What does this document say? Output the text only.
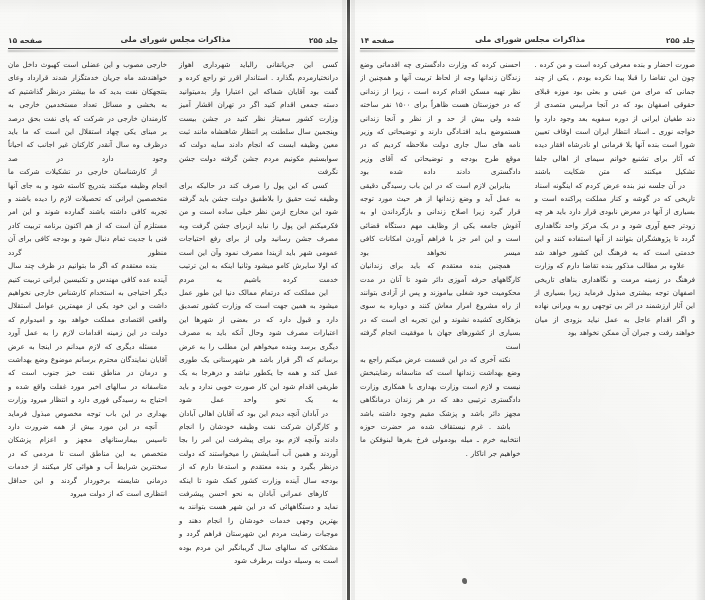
جلد ۲۵۵
مذاکرات مجلس شورای ملی
صفحه ۱۵

کسی این جریانقانی رالباید شهرداری اهواز درانختیارمردم بگذارد . استاندار اقرر تو راجع کرده و گفت بود آقایان شماکه این اعتبارا واز بدمیتوانید دسته جمعی اقدام کنید اگر در تهران اقشار آمیز وزارت کشور سعیتاز نظر کنید در جشن بیست وپنجمین سال سلطنت پر انتظار شاهنشاه مانند ثبت معین وظیفه ابست که انجام دادند سایه دولت که سوابستیم مکونیم مردم جشن گرفته دولت جشن نگرفت

کسی که این پول را صرف کند در حالیکه برای وظیفه ثبت حقیق را بلاطفیق دولت جشن باید گرفته شود این مخارج ازمن نظر خیلی ساده است و من فکرمیکنم این پول را نباید ازبرای جشن گرفت وبه مصرف جشن رسانید ولی از برای رفع احتیاجات عمومی شهر باید ازیندا مصرف نمود وآن این است که اولا سایرش کامو میشود وثانیا اینکه به این ترتیب خدمت کرده باشیم به مردم

این مملکت که درتمام ممالک دنیا این طور عمل میشود به همین جهت است که وزارت کشور تصدیق دارد و قبول دارد که در بعضی از شهرها این اعتبارات مصرف شود وحال آنکه باید به مصرف دیگری برسد وبنده میخواهم این مطلب را به عرض برسانم که اگر قرار باشد هر شهرستانی یک طوری عمل کند و همه جا یکطور نباشد و درهرجا به یک طریقی اقدام شود این کار صورت خوبی ندارد و باید به یک نحو واحد عمل شود

در آبادان آنچه دیدم این بود که آقایان اهالی آبادان و کارگران شرکت نفت وظیفه خودشان را انجام دادند وآنچه لازم بود برای پیشرفت این امر را بجا آوردند و همین آب آسایشش را میخواستند که دولت درنظر بگیرد و بنده معتقدم و استدعا دارم که از بودجه سال آینده وزارت کشور کمک شود تا اینکه

کارهای عمرانی آبادان به نحو احسن پیشرفت نماید و دستگاههائی که در این شهر هست بتوانند به بهترین وجهی خدمات خودشان را انجام دهند و موجبات رضایت مردم این شهرستان فراهم گردد و مشکلاتی که سالهای سال گریبانگیر این مردم بوده است به وسیله دولت برطرف شود

خارجی مصوب و این عضلی است کهبوث داخل مان خواهندشد ماه جریان خدمتگزار شدند قرارداد وعای بنتجهکان نفت بدید که ما بیشتر درنظر گذاشتیم که به بخشی و مسائل تعداد مستخدمین خارجی به کارمندان خارجی در شرکت که پای نفت بحق درصد بر مبنای یکی چهاد استقلال این است که ما باید درظرف وه سال آنقدر کارکنان غیر اجانب که احیاناً وجود دارد در صد

از کارشناسان خارجی در تشکیلات شرکت ما انجام وظیفه میکنند بتدریج کاسته شود و به جای آنها متخصصین ایرانی که تحصیلات لازم را دیده باشند و تجربه کافی داشته باشند گمارده شوند و این امر مستلزم آن است که از هم اکنون برنامه تربیت کادر فنی با جدیت تمام دنبال شود و بودجه کافی برای آن منظور گردد

بنده معتقدم که اگر ما بتوانیم در ظرف چند سال آینده عده کافی مهندس و تکنیسین ایرانی تربیت کنیم دیگر احتیاجی به استخدام کارشناس خارجی نخواهیم داشت و این خود یکی از مهمترین عوامل استقلال واقعی اقتصادی مملکت خواهد بود و امیدوارم که دولت در این زمینه اقدامات لازم را به عمل آورد

مسئله دیگری که لازم میدانم در اینجا به عرض آقایان نمایندگان محترم برسانم موضوع وضع بهداشت و درمان در مناطق نفت خیز جنوب است که متاسفانه در سالهای اخیر مورد غفلت واقع شده و احتیاج به رسیدگی فوری دارد و انتظار میرود وزارت بهداری در این باب توجه مخصوص مبذول فرماید

آنچه در این مورد بیش از همه ضرورت دارد تاسیس بیمارستانهای مجهز و اعزام پزشکان متخصص به این مناطق است تا مردمی که در سختترین شرایط آب و هوائی کار میکنند از خدمات درمانی شایسته برخوردار گردند و این حداقل انتظاری است که از دولت میرود

جلد ۲۵۵
مذاکرات مجلس شورای ملی
صفحه ۱۴

صورت احضار و بنده معرفی کرده است و من کرده . چون این تقاضا را قبلا پیدا نکرده بودم ، یکی از چند جمانی که مرای من عینی و بعثی بود موزه قبلای حقوقی اصفهان بود که در آنجا مرابیس متصدی از دند طغیان ایرانی از دوره سفویه بعد وجود دارد وا خواجه نوری ـ اسناد انتظار ایران است اوقاف تعیین شورا است بنده آنها بلا فرمانی او نادرشاه افقار دیده که آثار برای تشنیع خوانم سیمای از اهالی جلفا تشکیل میکنند که متن شکایت باشند

در آن جلسه نیز بنده عرض کردم که اینگونه اسناد تاریخی که در گوشه و کنار مملکت پراکنده است و بسیاری از آنها در معرض نابودی قرار دارد باید هر چه زودتر جمع آوری شود و در یک مرکز واحد نگاهداری گردد تا پژوهشگران بتوانند از آنها استفاده کنند و این خدمتی است که به فرهنگ این کشور خواهد شد

علاوه بر مطالب مذکور بنده تقاضا دارم که وزارت فرهنگ در زمینه مرمت و نگاهداری بناهای تاریخی اصفهان توجه بیشتری مبذول فرماید زیرا بسیاری از این آثار ارزشمند در اثر بی توجهی رو به ویرانی نهاده و اگر اقدام عاجل به عمل نیاید بزودی از میان خواهند رفت و جبران آن ممکن نخواهد بود

احسنی کرده که وزارت دادگستری چه اقدماتی وضع زندگان زندانها وجه از لحاظ تربیت آنها و همچنین از نظر تهیه مسکن اقدام کرده است ، زیرا از زندانی که در خوزستان هست ظاهراً برای ۱۵۰۰ نفر ساخته شده ولی بیش از حد و از نظر و آنجا زندانی هستموضع بـاید افتـادگی دارند و توضیحاتی که وزیر نامه های سال جاری دولت ملاحظه کردیم که در موقع طرح بودجه و توضیحاتی که آقای وزیر دادگستری دادند داده شده بود

بنابراین لازم است که در این باب رسیدگی دقیقی به عمل آید و وضع زندانها از هر حیث مورد توجه قرار گیرد زیرا اصلاح زندانی و بازگرداندن او به آغوش جامعه یکی از وظایف مهم دستگاه قضائی است و این امر جز با فراهم آوردن امکانات کافی میسر نخواهد بود

همچنین بنده معتقدم که باید برای زندانیان کارگاههای حرفه آموزی دائر شود تا آنان در مدت محکومیت خود شغلی بیاموزند و پس از آزادی بتوانند از راه مشروع امرار معاش کنند و دوباره به سوی بزهکاری کشیده نشوند و این تجربه ای است که در بسیاری از کشورهای جهان با موفقیت انجام گرفته است

نکته آخری که در این قسمت عرض میکنم راجع به وضع بهداشت زندانها است که متاسفانه رضایتبخش نیست و لازم است وزارت بهداری با همکاری وزارت دادگستری ترتیبی دهد که در هر زندان درمانگاهی مجهز دائر باشد و پزشک مقیم وجود داشته باشد

باشد . غرم نیستقاف شده مر حضرت حوزه انتخابیه خرم ـ میله بودمولی فرخ بغرها لبنوفکن ما خواهیم جر اناکار .
